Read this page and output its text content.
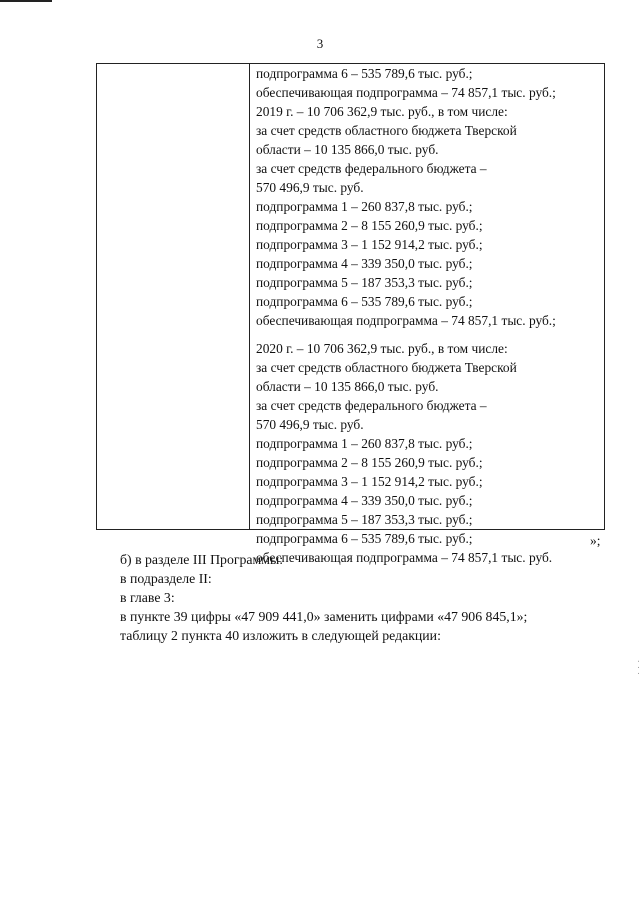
3
подпрограмма 6 – 535 789,6 тыс. руб.;
обеспечивающая подпрограмма – 74 857,1 тыс. руб.;
2019 г. – 10 706 362,9 тыс. руб., в том числе:
за счет средств областного бюджета Тверской
области – 10 135 866,0 тыс. руб.
за счет средств федерального бюджета –
570 496,9 тыс. руб.
подпрограмма 1 – 260 837,8 тыс. руб.;
подпрограмма 2 – 8 155 260,9 тыс. руб.;
подпрограмма 3 – 1 152 914,2 тыс. руб.;
подпрограмма 4 – 339 350,0 тыс. руб.;
подпрограмма 5 – 187 353,3 тыс. руб.;
подпрограмма 6 – 535 789,6 тыс. руб.;
обеспечивающая подпрограмма – 74 857,1 тыс. руб.;
2020 г. – 10 706 362,9 тыс. руб., в том числе:
за счет средств областного бюджета Тверской
области – 10 135 866,0 тыс. руб.
за счет средств федерального бюджета –
570 496,9 тыс. руб.
подпрограмма 1 – 260 837,8 тыс. руб.;
подпрограмма 2 – 8 155 260,9 тыс. руб.;
подпрограмма 3 – 1 152 914,2 тыс. руб.;
подпрограмма 4 – 339 350,0 тыс. руб.;
подпрограмма 5 – 187 353,3 тыс. руб.;
подпрограмма 6 – 535 789,6 тыс. руб.;
обеспечивающая подпрограмма – 74 857,1 тыс. руб.
»;
б) в разделе III Программы:
в подразделе II:
в главе 3:
в пункте 39 цифры «47 909 441,0» заменить цифрами «47 906 845,1»;
таблицу 2 пункта 40 изложить в следующей редакции:
· · ·
